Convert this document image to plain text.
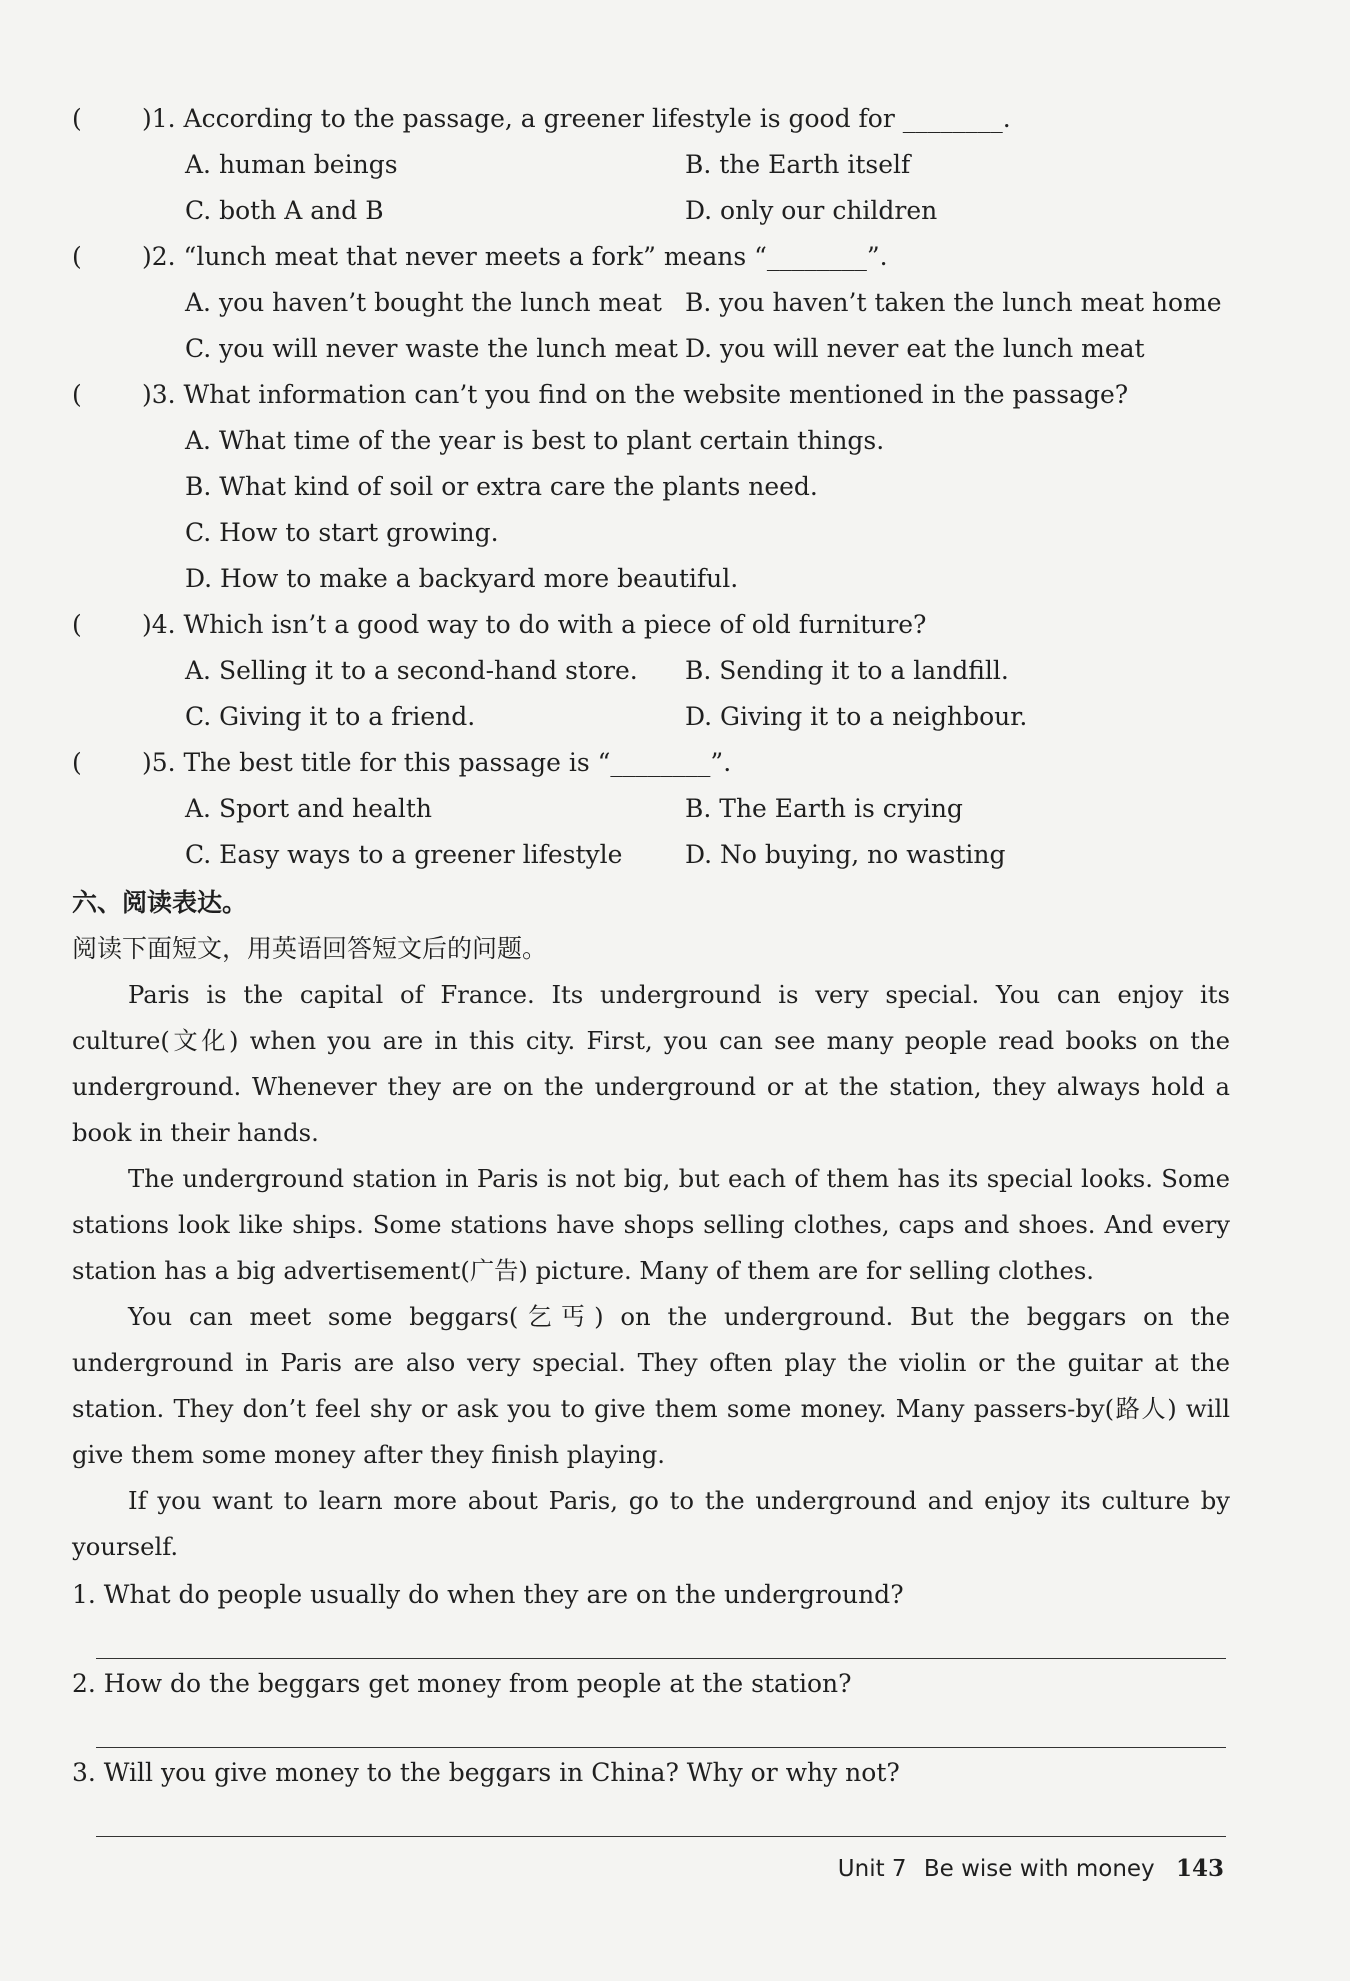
(	)1. According to the passage, a greener lifestyle is good for ________.
A. human beings	B. the Earth itself
C. both A and B	D. only our children
(	)2. “lunch meat that never meets a fork” means “________”.
A. you haven’t bought the lunch meat B. you haven’t taken the lunch meat home
C. you will never waste the lunch meat D. you will never eat the lunch meat
(	)3. What information can’t you find on the website mentioned in the passage?
A. What time of the year is best to plant certain things.
B. What kind of soil or extra care the plants need.
C. How to start growing.
D. How to make a backyard more beautiful.
(	)4. Which isn’t a good way to do with a piece of old furniture?
A. Selling it to a second-hand store.	B. Sending it to a landfill.
C. Giving it to a friend.	D. Giving it to a neighbour.
(	)5. The best title for this passage is “________”.
A. Sport and health	B. The Earth is crying
C. Easy ways to a greener lifestyle	D. No buying, no wasting
六、阅读表达。
阅读下面短文，用英语回答短文后的问题。

Paris is the capital of France. Its underground is very special. You can enjoy its culture(文化) when you are in this city. First, you can see many people read books on the underground. Whenever they are on the underground or at the station, they always hold a book in their hands.

The underground station in Paris is not big, but each of them has its special looks. Some stations look like ships. Some stations have shops selling clothes, caps and shoes. And every station has a big advertisement(广告) picture. Many of them are for selling clothes.

You can meet some beggars(乞丐) on the underground. But the beggars on the underground in Paris are also very special. They often play the violin or the guitar at the station. They don’t feel shy or ask you to give them some money. Many passers-by(路人) will give them some money after they finish playing.

If you want to learn more about Paris, go to the underground and enjoy its culture by yourself.

1. What do people usually do when they are on the underground?
2. How do the beggars get money from people at the station?
3. Will you give money to the beggars in China? Why or why not?
Unit 7 Be wise with money 143
